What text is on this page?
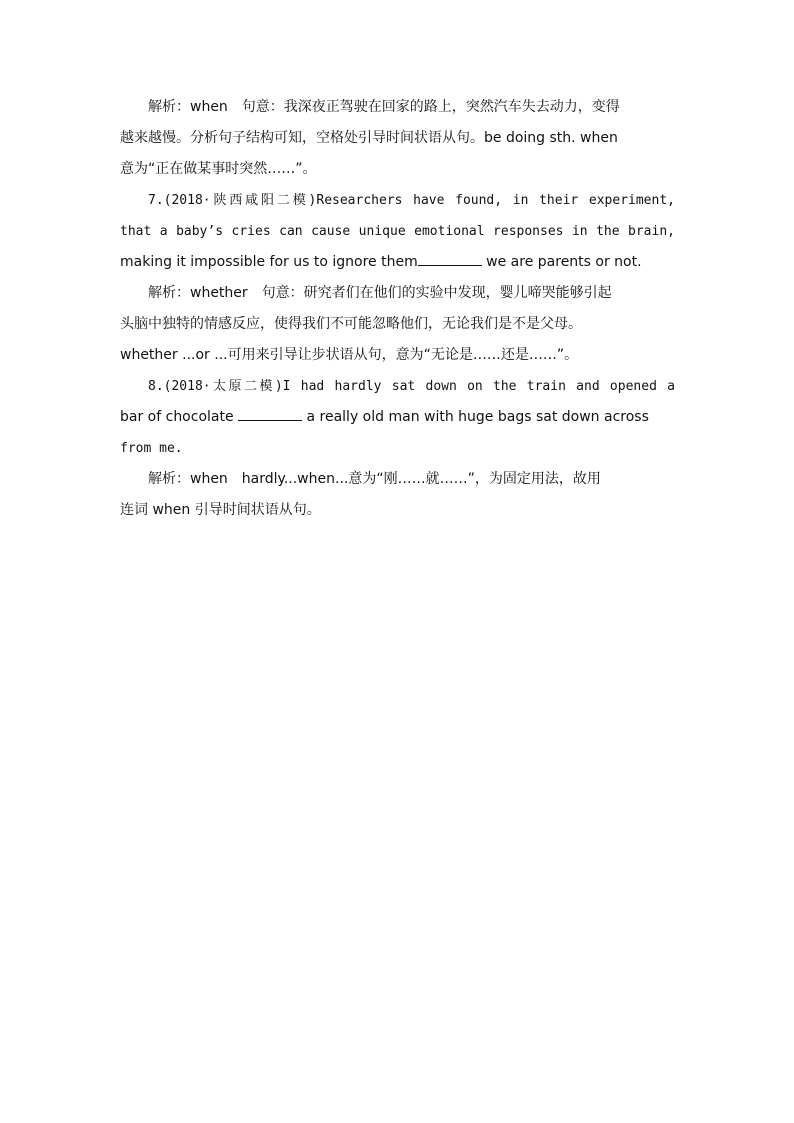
解析：when　句意：我深夜正驾驶在回家的路上，突然汽车失去动力，变得
越来越慢。分析句子结构可知，空格处引导时间状语从句。be doing sth. when
意为“正在做某事时突然……”。
7.(2018·陕西咸阳二模)Researchers have found, in their experiment,
that a baby’s cries can cause unique emotional responses in the brain,
making it impossible for us to ignore them	we are parents or not.
解析：whether　句意：研究者们在他们的实验中发现，婴儿啼哭能够引起
头脑中独特的情感反应，使得我们不可能忽略他们，无论我们是不是父母。
whether ...or ...可用来引导让步状语从句，意为“无论是……还是……”。
8.(2018·太原二模)I had hardly sat down on the train and opened a
bar of chocolate	a really old man with huge bags sat down across
from me.
解析：when　hardly...when...意为“刚……就……”，为固定用法，故用
连词 when 引导时间状语从句。
